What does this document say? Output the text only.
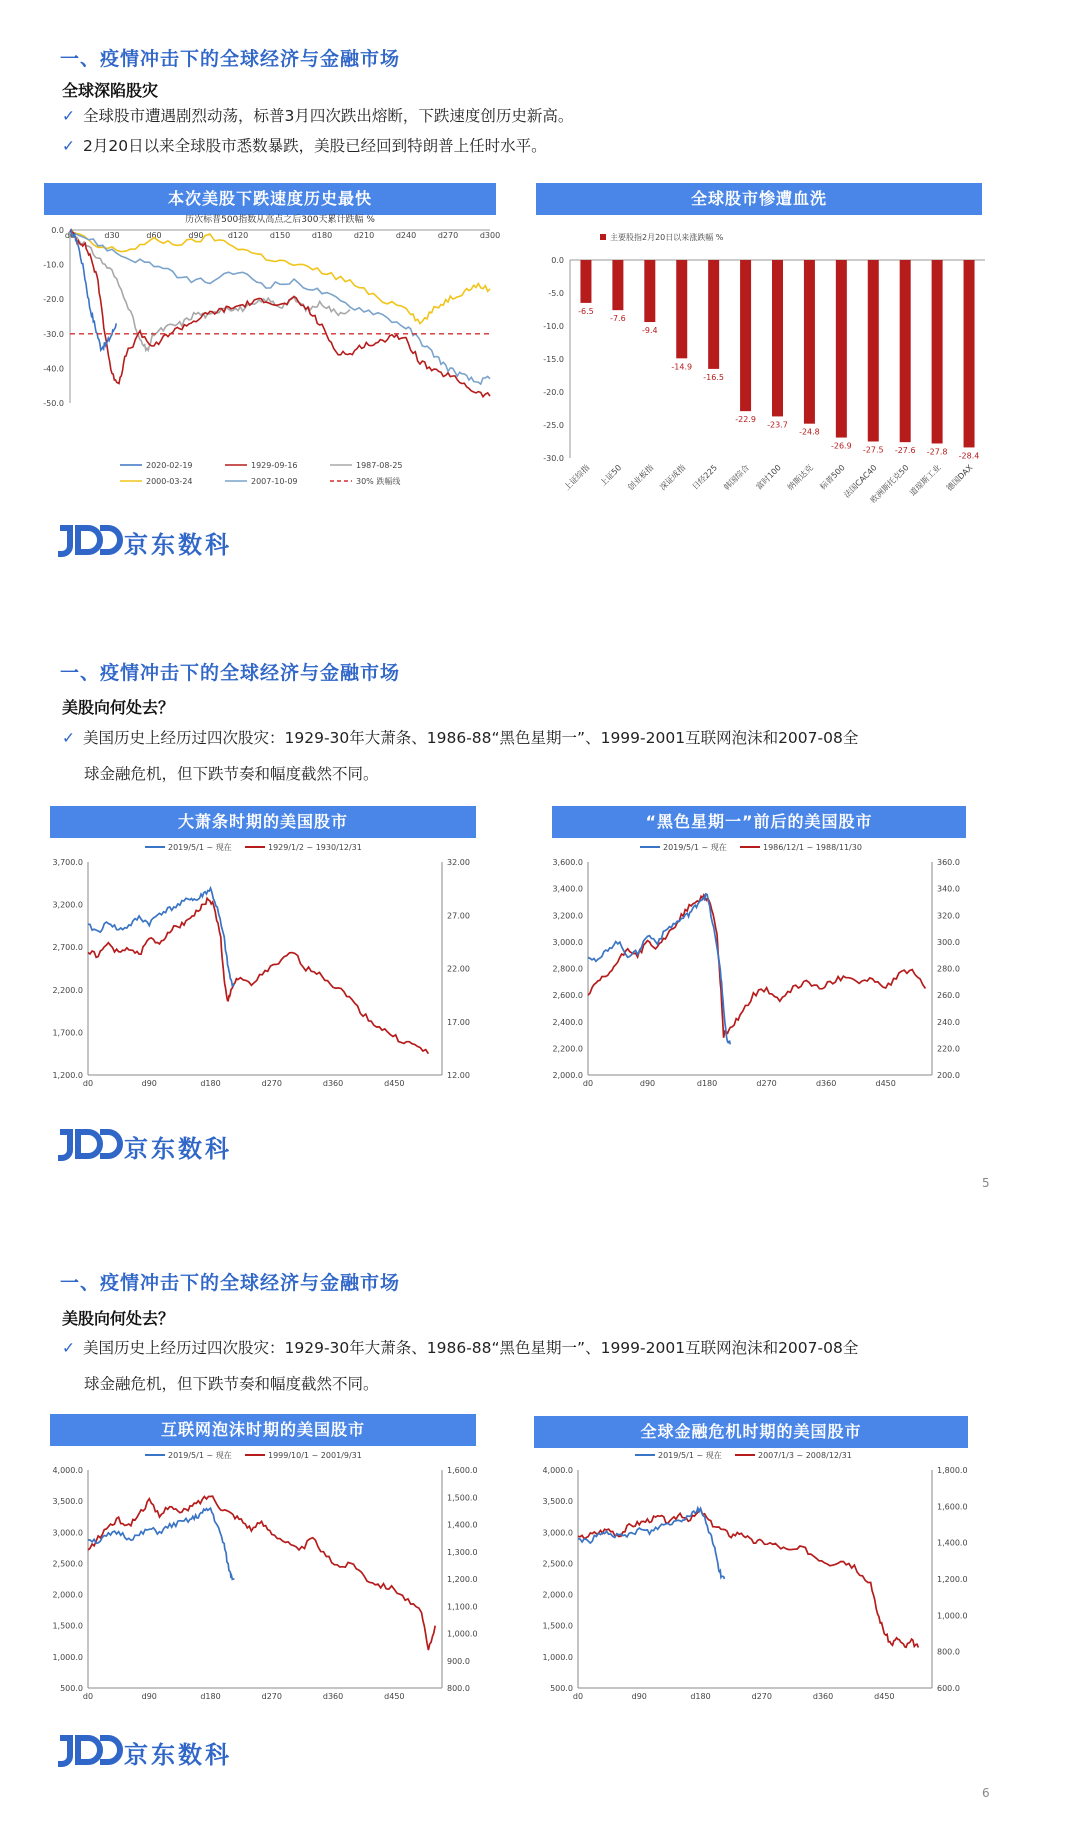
一、疫情冲击下的全球经济与金融市场
全球深陷股灾
✓ 全球股市遭遇剧烈动荡，标普3月四次跌出熔断，下跌速度创历史新高。
✓ 2月20日以来全球股市悉数暴跌，美股已经回到特朗普上任时水平。
本次美股下跌速度历史最快	全球股市惨遭血洗
历次标普500指数从高点之后300天累计跌幅 %
0.0
-10.0
-20.0
-30.0
-40.0
-50.0
d0	d30	d60	d90	d120	d150	d180	d210	d240	d270	d300
2020-02-19	1929-09-16	1987-08-25
2000-03-24	2007-10-09	30% 跌幅线
主要股指2月20日以来涨跌幅 %
0.0
-5.0
-10.0
-15.0
-20.0
-25.0
-30.0
-6.5
上证综指
-7.6
上证50
-9.4
创业板指
-14.9
深证成指
-16.5
日经225
-22.9
韩国综合
-23.7
富时100
-24.8
纳斯达克
-26.9
标普500
-27.5
法国CAC40
-27.6
欧洲斯托克50
-27.8
道琼斯工业
-28.4
德国DAX
京东数科
一、疫情冲击下的全球经济与金融市场
美股向何处去？
✓ 美国历史上经历过四次股灾：1929-30年大萧条、1986-88“黑色星期一”、1999-2001互联网泡沫和2007-08全
球金融危机，但下跌节奏和幅度截然不同。
大萧条时期的美国股市	“黑色星期一”前后的美国股市
2019/5/1 ~ 现在	1929/1/2 ~ 1930/12/31
3,700.0
3,200.0
2,700.0
2,200.0
1,700.0
1,200.0
32.00
27.00
22.00
17.00
12.00
d0	d90	d180	d270	d360	d450
2019/5/1 ~ 现在	1986/12/1 ~ 1988/11/30
3,600.0
3,400.0
3,200.0
3,000.0
2,800.0
2,600.0
2,400.0
2,200.0
2,000.0
360.0
340.0
320.0
300.0
280.0
260.0
240.0
220.0
200.0
d0	d90	d180	d270	d360	d450
京东数科
5
一、疫情冲击下的全球经济与金融市场
美股向何处去？
✓ 美国历史上经历过四次股灾：1929-30年大萧条、1986-88“黑色星期一”、1999-2001互联网泡沫和2007-08全
球金融危机，但下跌节奏和幅度截然不同。
互联网泡沫时期的美国股市	全球金融危机时期的美国股市
2019/5/1 ~ 现在	1999/10/1 ~ 2001/9/31
4,000.0
3,500.0
3,000.0
2,500.0
2,000.0
1,500.0
1,000.0
500.0
1,600.0
1,500.0
1,400.0
1,300.0
1,200.0
1,100.0
1,000.0
900.0
800.0
d0	d90	d180	d270	d360	d450
2019/5/1 ~ 现在	2007/1/3 ~ 2008/12/31
4,000.0
3,500.0
3,000.0
2,500.0
2,000.0
1,500.0
1,000.0
500.0
1,800.0
1,600.0
1,400.0
1,200.0
1,000.0
800.0
600.0
d0	d90	d180	d270	d360	d450
京东数科
6
